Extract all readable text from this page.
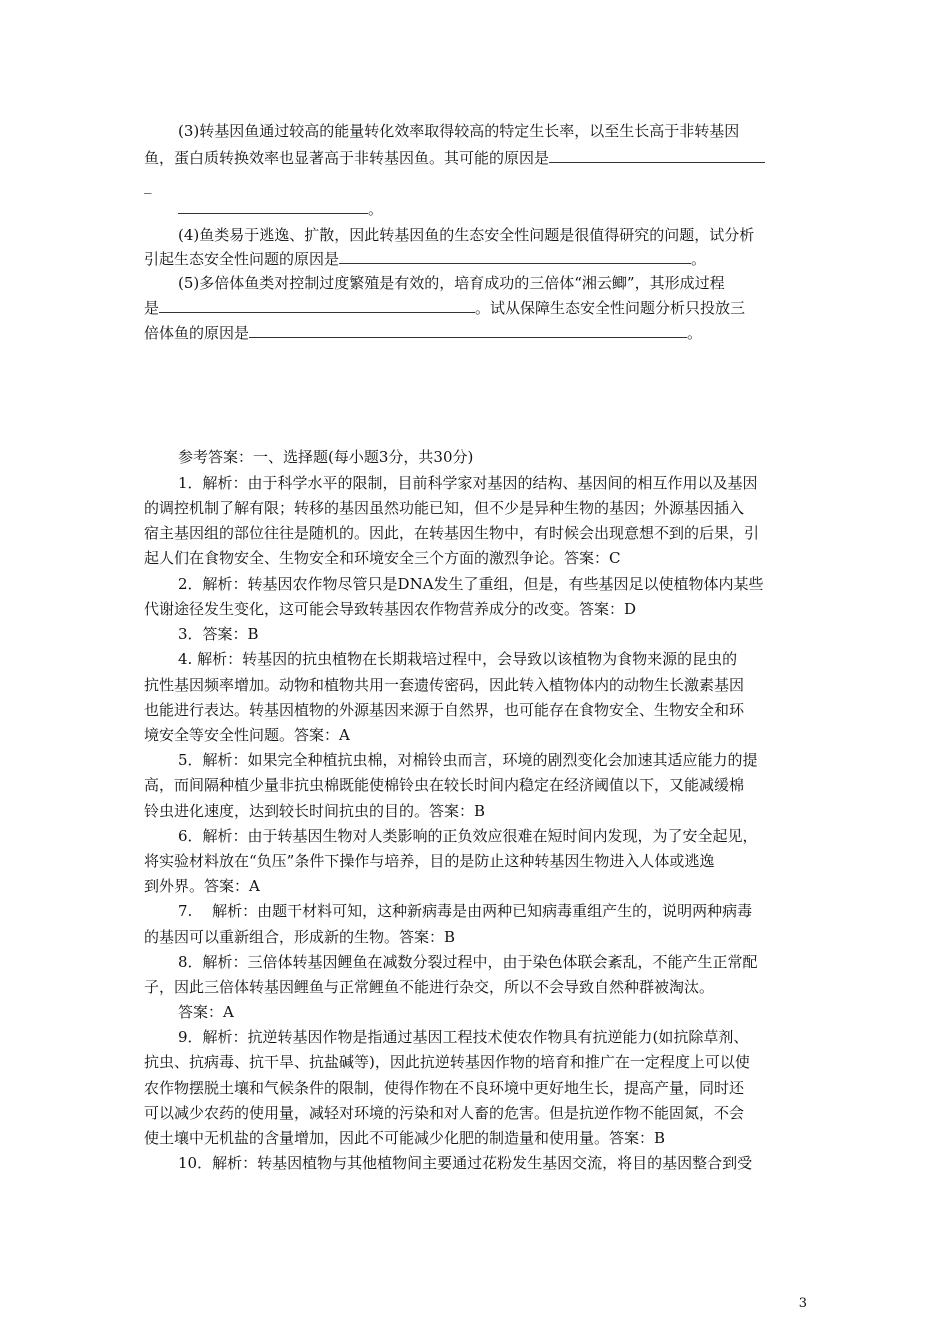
(3)转基因鱼通过较高的能量转化效率取得较高的特定生长率，以至生长高于非转基因
鱼，蛋白质转换效率也显著高于非转基因鱼。其可能的原因是
_
。
(4)鱼类易于逃逸、扩散，因此转基因鱼的生态安全性问题是很值得研究的问题，试分析
引起生态安全性问题的原因是	。
(5)多倍体鱼类对控制过度繁殖是有效的，培育成功的三倍体“湘云鲫”，其形成过程
是	。试从保障生态安全性问题分析只投放三
倍体鱼的原因是	。
参考答案：一、选择题(每小题3分，共30分)
1．解析：由于科学水平的限制，目前科学家对基因的结构、基因间的相互作用以及基因
的调控机制了解有限；转移的基因虽然功能已知，但不少是异种生物的基因；外源基因插入
宿主基因组的部位往往是随机的。因此，在转基因生物中，有时候会出现意想不到的后果，引
起人们在食物安全、生物安全和环境安全三个方面的激烈争论。答案：C
2．解析：转基因农作物尽管只是DNA发生了重组，但是，有些基因足以使植物体内某些
代谢途径发生变化，这可能会导致转基因农作物营养成分的改变。答案：D
3．答案：B
4. 解析：转基因的抗虫植物在长期栽培过程中，会导致以该植物为食物来源的昆虫的
抗性基因频率增加。动物和植物共用一套遗传密码，因此转入植物体内的动物生长激素基因
也能进行表达。转基因植物的外源基因来源于自然界，也可能存在食物安全、生物安全和环
境安全等安全性问题。答案：A
5．解析：如果完全种植抗虫棉，对棉铃虫而言，环境的剧烈变化会加速其适应能力的提
高，而间隔种植少量非抗虫棉既能使棉铃虫在较长时间内稳定在经济阈值以下，又能减缓棉
铃虫进化速度，达到较长时间抗虫的目的。答案：B
6．解析：由于转基因生物对人类影响的正负效应很难在短时间内发现，为了安全起见，
将实验材料放在“负压”条件下操作与培养，目的是防止这种转基因生物进入人体或逃逸
到外界。答案：A
7.　 解析：由题干材料可知，这种新病毒是由两种已知病毒重组产生的，说明两种病毒
的基因可以重新组合，形成新的生物。答案：B
8．解析：三倍体转基因鲤鱼在减数分裂过程中，由于染色体联会紊乱，不能产生正常配
子，因此三倍体转基因鲤鱼与正常鲤鱼不能进行杂交，所以不会导致自然种群被淘汰。
答案：A
9．解析：抗逆转基因作物是指通过基因工程技术使农作物具有抗逆能力(如抗除草剂、
抗虫、抗病毒、抗干旱、抗盐碱等)，因此抗逆转基因作物的培育和推广在一定程度上可以使
农作物摆脱土壤和气候条件的限制，使得作物在不良环境中更好地生长，提高产量，同时还
可以减少农药的使用量，减轻对环境的污染和对人畜的危害。但是抗逆作物不能固氮，不会
使土壤中无机盐的含量增加，因此不可能减少化肥的制造量和使用量。答案：B
10．解析：转基因植物与其他植物间主要通过花粉发生基因交流，将目的基因整合到受
3
